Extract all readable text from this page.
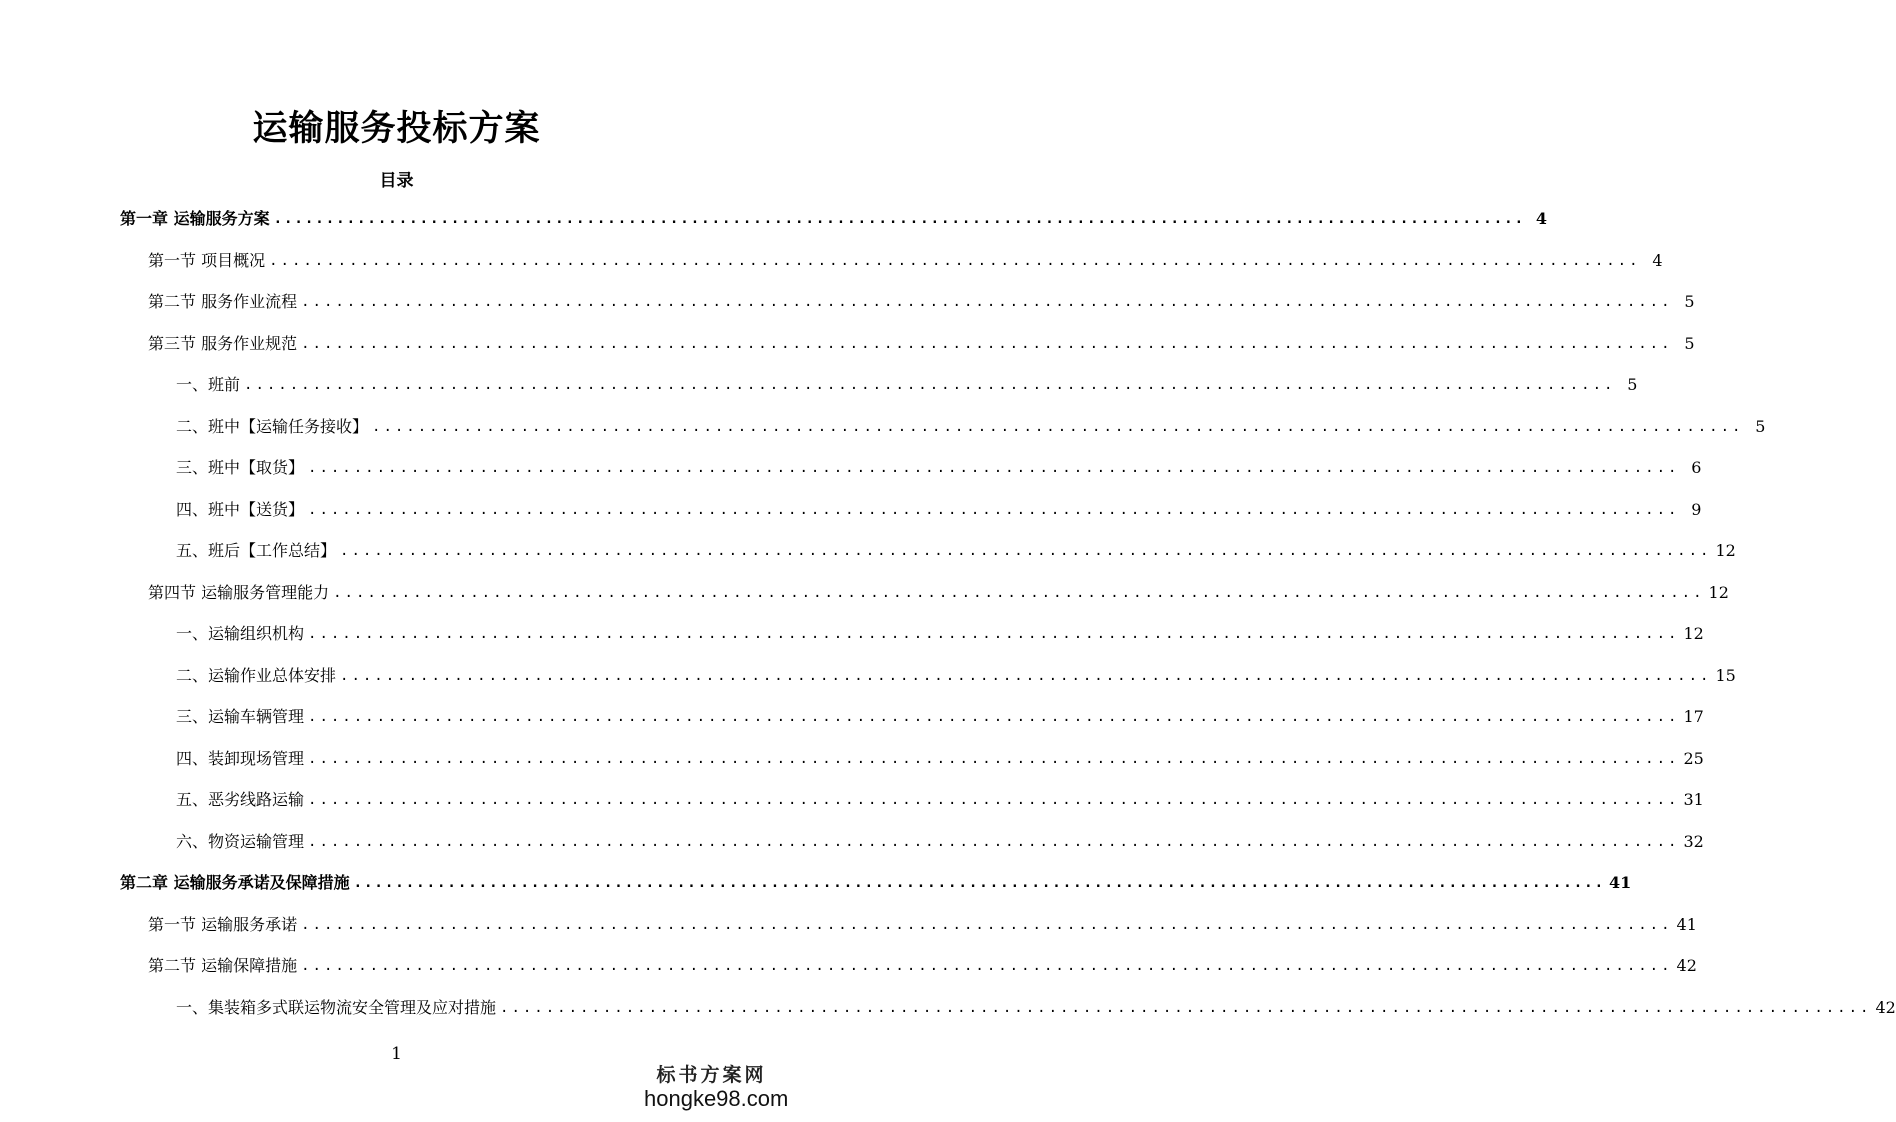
运输服务投标方案
目录
第一章 运输服务方案 ........................................................................................................................ 4
第一节 项目概况 ........................................................................................................................ 4
第二节 服务作业流程 ........................................................................................................................ 5
第三节 服务作业规范 ........................................................................................................................ 5
一、班前 ........................................................................................................................ 5
二、班中【运输任务接收】 ........................................................................................................................ 5
三、班中【取货】 ........................................................................................................................ 6
四、班中【送货】 ........................................................................................................................ 9
五、班后【工作总结】 ........................................................................................................................ 12
第四节 运输服务管理能力 ........................................................................................................................ 12
一、运输组织机构 ........................................................................................................................ 12
二、运输作业总体安排 ........................................................................................................................ 15
三、运输车辆管理 ........................................................................................................................ 17
四、装卸现场管理 ........................................................................................................................ 25
五、恶劣线路运输 ........................................................................................................................ 31
六、物资运输管理 ........................................................................................................................ 32
第二章 运输服务承诺及保障措施 ........................................................................................................................ 41
第一节 运输服务承诺 ........................................................................................................................ 41
第二节 运输保障措施 ........................................................................................................................ 42
一、集装箱多式联运物流安全管理及应对措施 ........................................................................................................................ 42
1
标书方案网
hongke98.com
